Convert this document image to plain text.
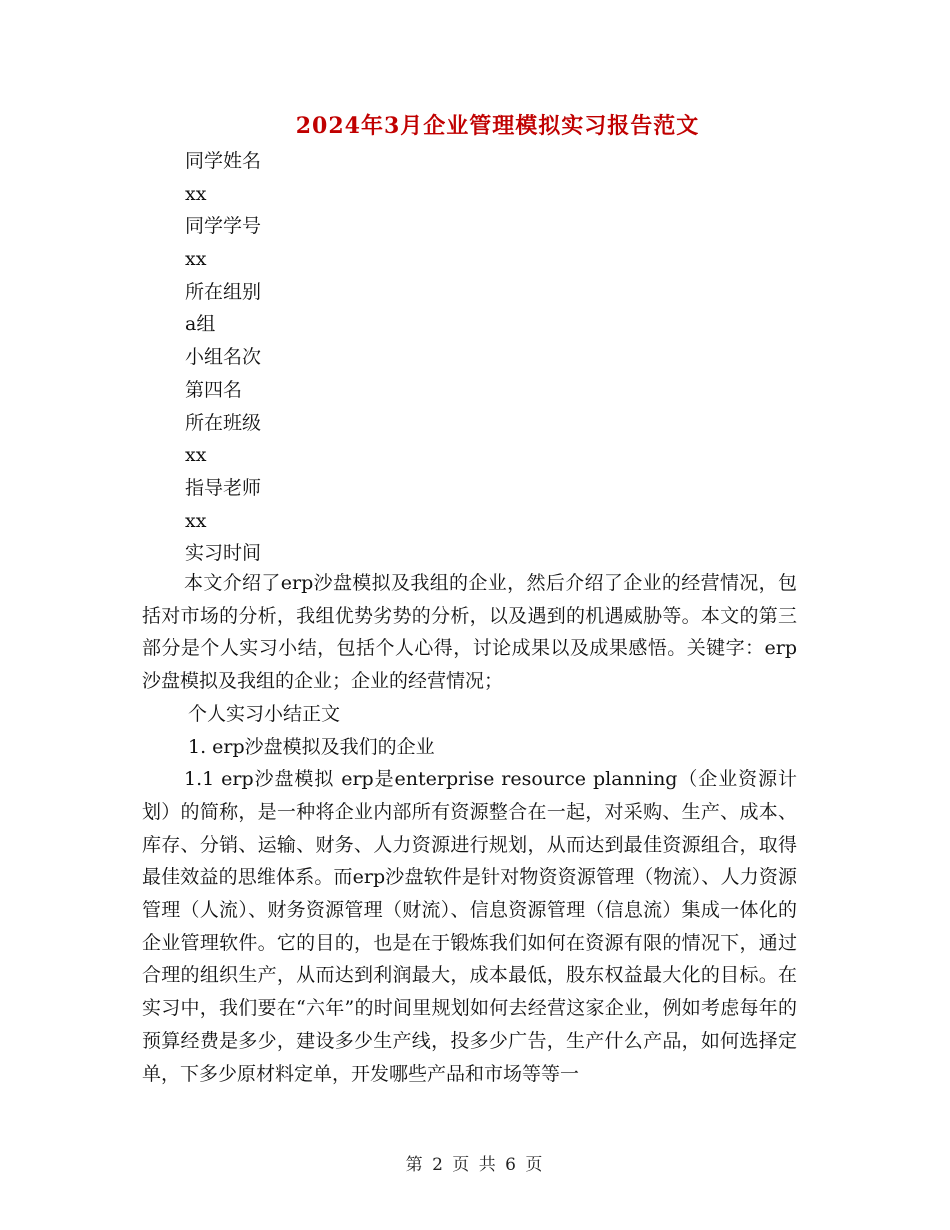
2024年3月企业管理模拟实习报告范文
同学姓名
xx
同学学号
xx
所在组别
a组
小组名次
第四名
所在班级
xx
指导老师
xx
实习时间

本文介绍了erp沙盘模拟及我组的企业，然后介绍了企业的经营情况，包括对市场的分析，我组优势劣势的分析，以及遇到的机遇威胁等。本文的第三部分是个人实习小结，包括个人心得，讨论成果以及成果感悟。关键字：erp沙盘模拟及我组的企业；企业的经营情况；

个人实习小结正文

1. erp沙盘模拟及我们的企业

1.1 erp沙盘模拟 erp是enterprise resource planning（企业资源计划）的简称，是一种将企业内部所有资源整合在一起，对采购、生产、成本、库存、分销、运输、财务、人力资源进行规划，从而达到最佳资源组合，取得最佳效益的思维体系。而erp沙盘软件是针对物资资源管理（物流）、人力资源管理（人流）、财务资源管理（财流）、信息资源管理（信息流）集成一体化的企业管理软件。它的目的，也是在于锻炼我们如何在资源有限的情况下，通过合理的组织生产，从而达到利润最大，成本最低，股东权益最大化的目标。在实习中，我们要在“六年”的时间里规划如何去经营这家企业，例如考虑每年的预算经费是多少，建设多少生产线，投多少广告，生产什么产品，如何选择定单，下多少原材料定单，开发哪些产品和市场等等一

第 2 页 共 6 页
